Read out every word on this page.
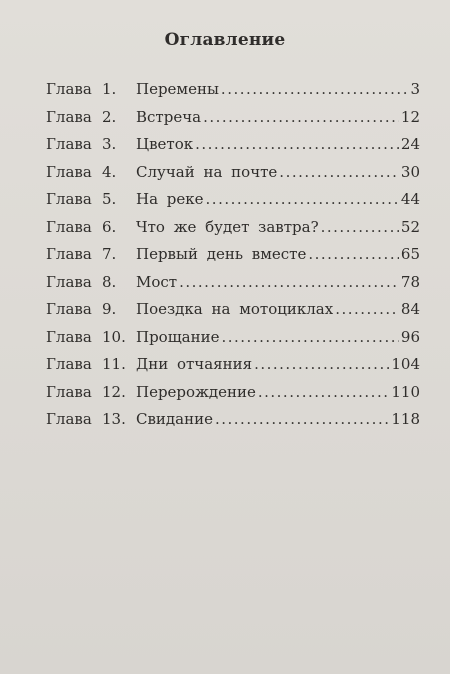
Оглавление
Глава 1. Перемены .....	3
Глава 2. Встреча .....	12
Глава 3. Цветок .....	24
Глава 4. Случай на почте .....	30
Глава 5. На реке .....	44
Глава 6. Что же будет завтра? .....	52
Глава 7. Первый день вместе .....	65
Глава 8. Мост .....	78
Глава 9. Поездка на мотоциклах .....	84
Глава 10. Прощание .....	96
Глава 11. Дни отчаяния .....	104
Глава 12. Перерождение .....	110
Глава 13. Свидание .....	118
